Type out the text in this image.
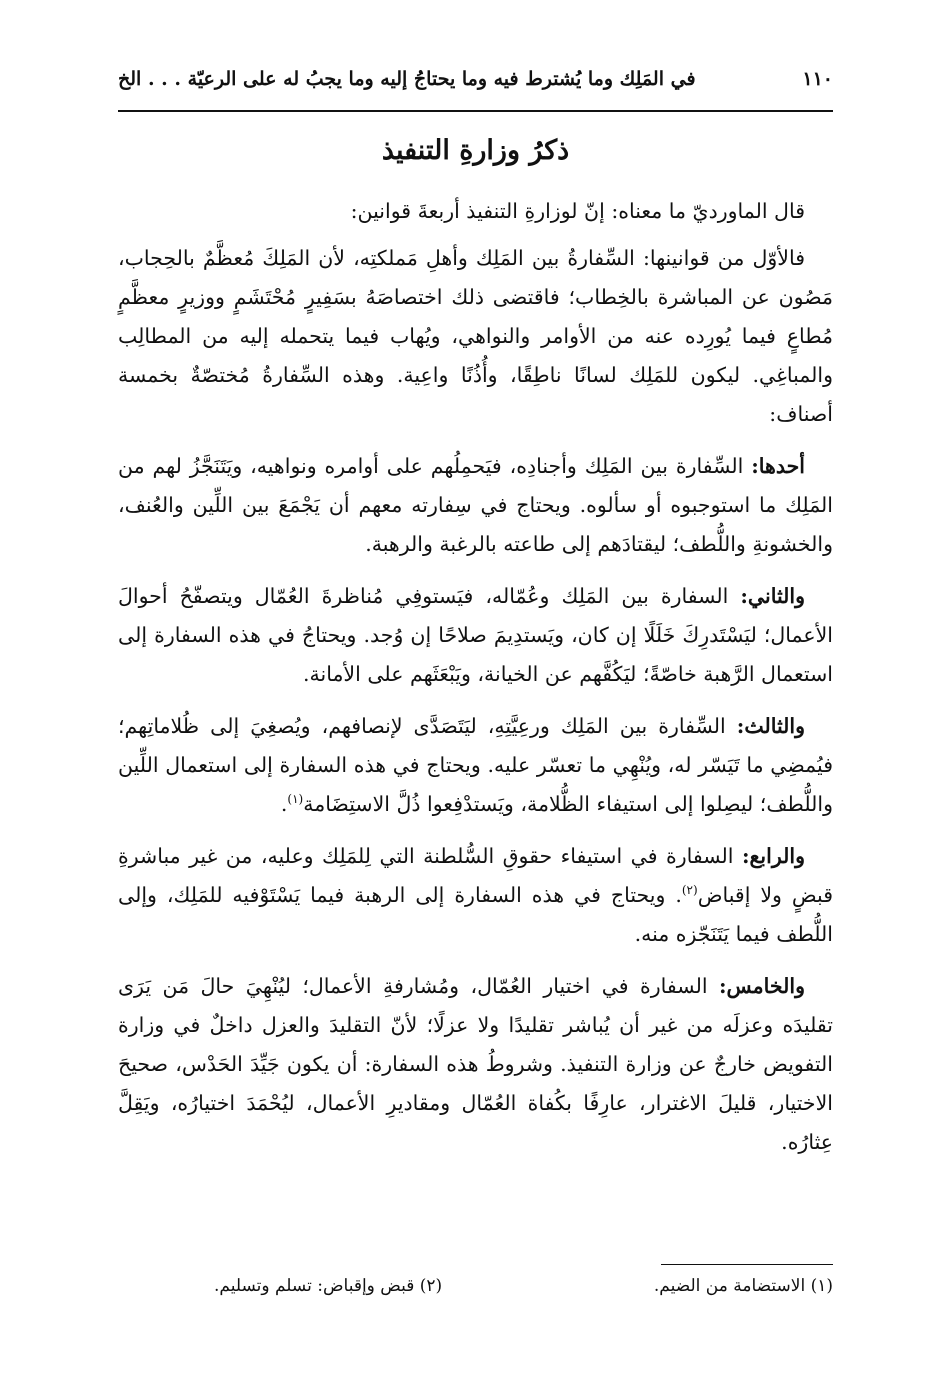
١١٠
في المَلِك وما يُشترط فيه وما يحتاجُ إليه وما يجبُ له على الرعيّة . . . الخ
ذكرُ وزارةِ التنفيذ

قال الماورديّ ما معناه: إنّ لوزارةِ التنفيذ أربعةَ قوانين:

فالأوّل من قوانينها: السِّفارةُ بين المَلِك وأهلِ مَملكتِه، لأن المَلِكَ مُعظَّمٌ بالحِجاب، مَصُون عن المباشرة بالخِطاب؛ فاقتضى ذلك اختصاصَهُ بسَفِيرٍ مُحْتَشَمٍ ووزيرٍ معظَّمٍ مُطاعٍ فيما يُورِده عنه من الأوامر والنواهي، ويُهاب فيما يتحمله إليه من المطالِب والمباغِي. ليكون للمَلِك لسانًا ناطِقًا، وأُذُنًا واعِية. وهذه السِّفارةُ مُختصّةٌ بخمسة أصناف:

أحدها: السِّفارة بين المَلِك وأجنادِه، فيَحمِلُهم على أوامره ونواهيه، ويَتَنَجَّزُ لهم من المَلِك ما استوجبوه أو سألوه. ويحتاج في سِفارته معهم أن يَجْمَعَ بين اللِّين والعُنف، والخشونةِ واللُّطف؛ ليقتادَهم إلى طاعته بالرغبة والرهبة.

والثاني: السفارة بين المَلِك وعُمّاله، فيَستوفِي مُناظرةَ العُمّال ويتصفّحُ أحوالَ الأعمال؛ ليَسْتَدرِكَ خَلَلًا إن كان، ويَستدِيمَ صلاحًا إن وُجد. ويحتاجُ في هذه السفارة إلى استعمال الرَّهبة خاصّةً؛ ليَكُفَّهم عن الخيانة، ويَبْعَثَهم على الأمانة.

والثالث: السِّفارة بين المَلِك ورعِيَّتِهِ، ليَتَصَدَّى لإنصافهم، ويُصغِيَ إلى ظُلاماتِهم؛ فيُمضِي ما تَيَسّر له، ويُنْهِي ما تعسّر عليه. ويحتاج في هذه السفارة إلى استعمال اللِّين واللُّطف؛ ليصِلوا إلى استيفاء الظُّلامة، ويَستدْفِعوا ذُلَّ الاستِضَامة$^{(١)}$.

والرابع: السفارة في استيفاء حقوقِ السُّلطنة التي لِلمَلِك وعليه، من غير مباشرةِ قبضٍ ولا إقباض$^{(٢)}$. ويحتاج في هذه السفارة إلى الرهبة فيما يَسْتَوْفيه للمَلِك، وإلى اللُّطف فيما يَتَنَجّزه منه.

والخامس: السفارة في اختيار العُمّال، ومُشارفةِ الأعمال؛ ليُنْهِيَ حالَ مَن يَرَى تقليدَه وعزلَه من غير أن يُباشر تقليدًا ولا عزلًا؛ لأنّ التقليدَ والعزل داخلٌ في وزارة التفويض خارجٌ عن وزارة التنفيذ. وشروطُ هذه السفارة: أن يكون جَيِّدَ الحَدْس، صحيحَ الاختيار، قليلَ الاغترار، عارِفًا بكُفاة العُمّال ومقاديرِ الأعمال، ليُحْمَدَ اختيارُه، ويَقِلَّ عِثارُه.

(١) الاستضامة من الضيم.
(٢) قبض وإقباض: تسلم وتسليم.
